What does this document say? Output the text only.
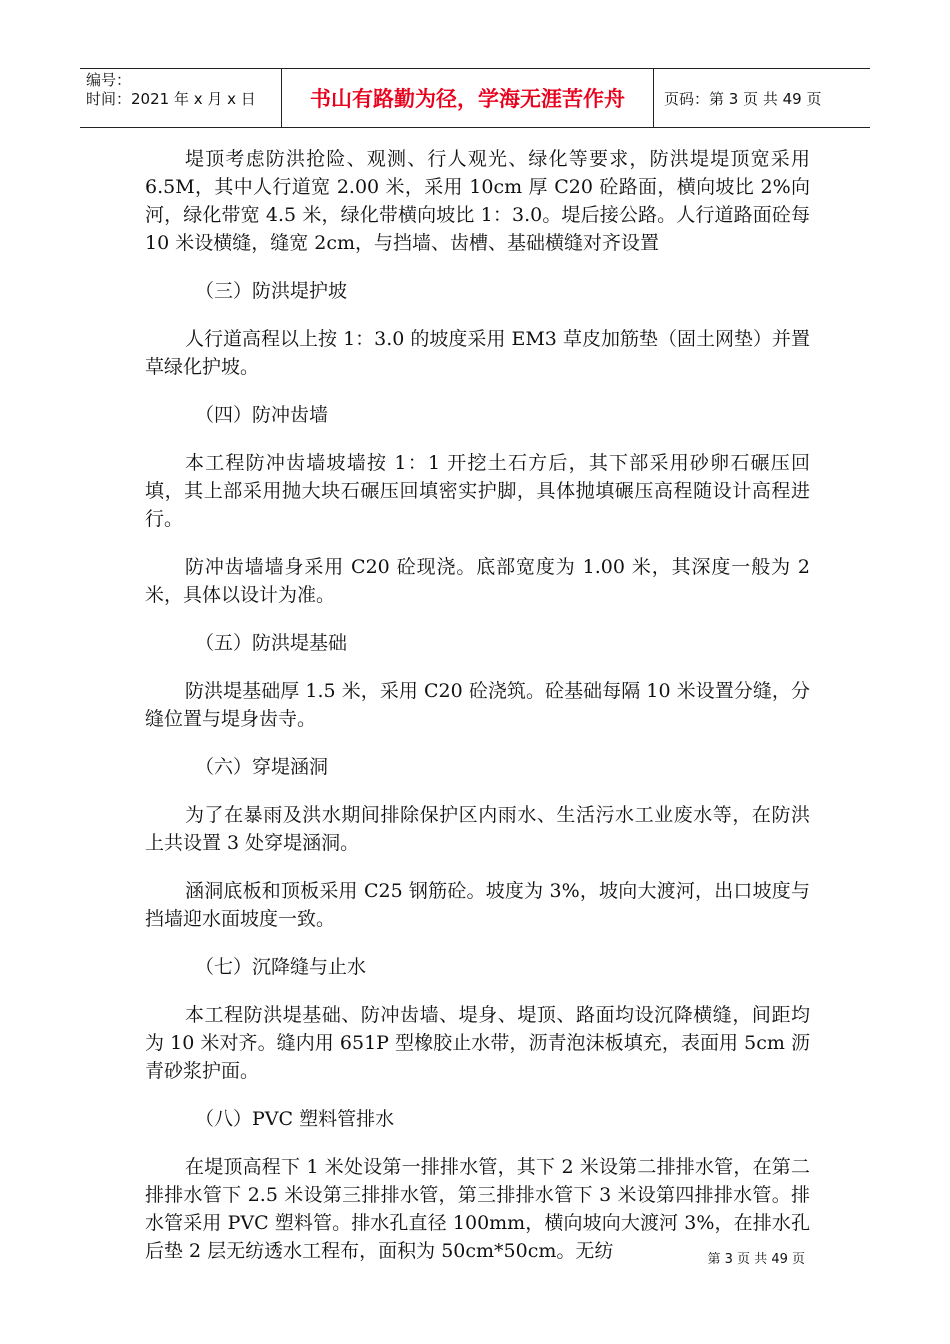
编号：
时间：2021 年 x 月 x 日	书山有路勤为径，学海无涯苦作舟	页码：第 3 页 共 49 页

堤顶考虑防洪抢险、观测、行人观光、绿化等要求，防洪堤堤顶宽采用 6.5M，其中人行道宽 2.00 米，采用 10cm 厚 C20 砼路面，横向坡比 2%向河，绿化带宽 4.5 米，绿化带横向坡比 1：3.0。堤后接公路。人行道路面砼每 10 米设横缝，缝宽 2cm，与挡墙、齿槽、基础横缝对齐设置

（三）防洪堤护坡

人行道高程以上按 1：3.0 的坡度采用 EM3 草皮加筋垫（固土网垫）并置草绿化护坡。

（四）防冲齿墙

本工程防冲齿墙坡墙按 1：1 开挖土石方后，其下部采用砂卵石碾压回填，其上部采用抛大块石碾压回填密实护脚，具体抛填碾压高程随设计高程进行。

防冲齿墙墙身采用 C20 砼现浇。底部宽度为 1.00 米，其深度一般为 2 米，具体以设计为准。

（五）防洪堤基础

防洪堤基础厚 1.5 米，采用 C20 砼浇筑。砼基础每隔 10 米设置分缝，分缝位置与堤身齿寺。

（六）穿堤涵洞

为了在暴雨及洪水期间排除保护区内雨水、生活污水工业废水等，在防洪上共设置 3 处穿堤涵洞。

涵洞底板和顶板采用 C25 钢筋砼。坡度为 3%，坡向大渡河，出口坡度与挡墙迎水面坡度一致。

（七）沉降缝与止水

本工程防洪堤基础、防冲齿墙、堤身、堤顶、路面均设沉降横缝，间距均为 10 米对齐。缝内用 651P 型橡胶止水带，沥青泡沫板填充，表面用 5cm 沥青砂浆护面。

（八）PVC 塑料管排水

在堤顶高程下 1 米处设第一排排水管，其下 2 米设第二排排水管，在第二排排水管下 2.5 米设第三排排水管，第三排排水管下 3 米设第四排排水管。排水管采用 PVC 塑料管。排水孔直径 100mm，横向坡向大渡河 3%，在排水孔后垫 2 层无纺透水工程布，面积为 50cm*50cm。无纺	第 3 页 共 49 页
